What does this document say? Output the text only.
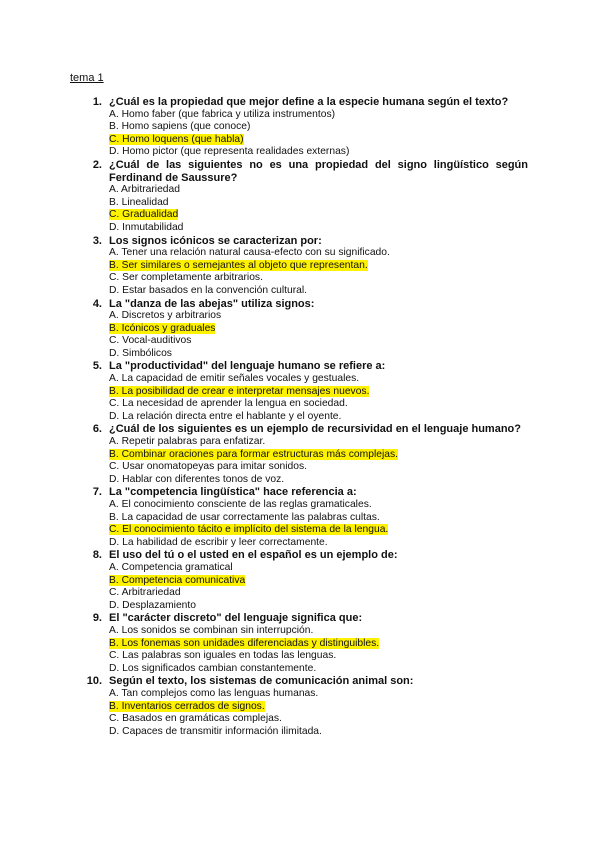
tema 1
1. ¿Cuál es la propiedad que mejor define a la especie humana según el texto?
A. Homo faber (que fabrica y utiliza instrumentos)
B. Homo sapiens (que conoce)
C. Homo loquens (que habla)
D. Homo pictor (que representa realidades externas)
2. ¿Cuál de las siguientes no es una propiedad del signo lingüístico según Ferdinand de Saussure?
A. Arbitrariedad
B. Linealidad
C. Gradualidad
D. Inmutabilidad
3. Los signos icónicos se caracterizan por:
A. Tener una relación natural causa-efecto con su significado.
B. Ser similares o semejantes al objeto que representan.
C. Ser completamente arbitrarios.
D. Estar basados en la convención cultural.
4. La "danza de las abejas" utiliza signos:
A. Discretos y arbitrarios
B. Icónicos y graduales
C. Vocal-auditivos
D. Simbólicos
5. La "productividad" del lenguaje humano se refiere a:
A. La capacidad de emitir señales vocales y gestuales.
B. La posibilidad de crear e interpretar mensajes nuevos.
C. La necesidad de aprender la lengua en sociedad.
D. La relación directa entre el hablante y el oyente.
6. ¿Cuál de los siguientes es un ejemplo de recursividad en el lenguaje humano?
A. Repetir palabras para enfatizar.
B. Combinar oraciones para formar estructuras más complejas.
C. Usar onomatopeyas para imitar sonidos.
D. Hablar con diferentes tonos de voz.
7. La "competencia lingüística" hace referencia a:
A. El conocimiento consciente de las reglas gramaticales.
B. La capacidad de usar correctamente las palabras cultas.
C. El conocimiento tácito e implícito del sistema de la lengua.
D. La habilidad de escribir y leer correctamente.
8. El uso del tú o el usted en el español es un ejemplo de:
A. Competencia gramatical
B. Competencia comunicativa
C. Arbitrariedad
D. Desplazamiento
9. El "carácter discreto" del lenguaje significa que:
A. Los sonidos se combinan sin interrupción.
B. Los fonemas son unidades diferenciadas y distinguibles.
C. Las palabras son iguales en todas las lenguas.
D. Los significados cambian constantemente.
10. Según el texto, los sistemas de comunicación animal son:
A. Tan complejos como las lenguas humanas.
B. Inventarios cerrados de signos.
C. Basados en gramáticas complejas.
D. Capaces de transmitir información ilimitada.
